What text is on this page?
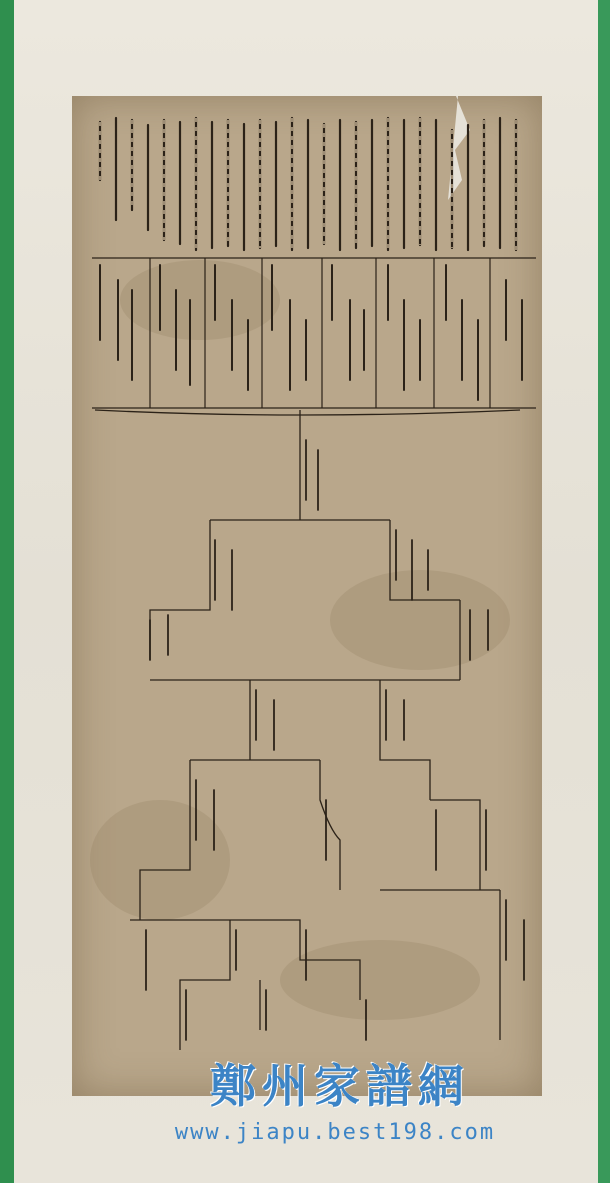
鄭州家譜網
www.jiapu.best198.com
